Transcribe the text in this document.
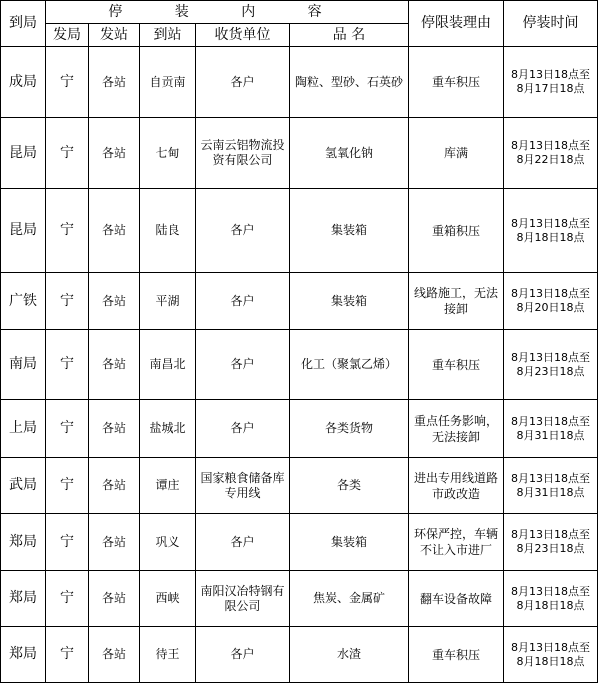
到局	停 装 内 容					停限装理由	停装时间
	发局	发站	到站	收货单位	品 名		
成局	宁	各站	自贡南	各户	陶粒、型砂、石英砂	重车积压	8月13日18点至8月17日18点
昆局	宁	各站	七甸	云南云铝物流投资有限公司	氢氧化钠	库满	8月13日18点至8月22日18点
昆局	宁	各站	陆良	各户	集装箱	重箱积压	8月13日18点至8月18日18点
广铁	宁	各站	平湖	各户	集装箱	线路施工，无法接卸	8月13日18点至8月20日18点
南局	宁	各站	南昌北	各户	化工（聚氯乙烯）	重车积压	8月13日18点至8月23日18点
上局	宁	各站	盐城北	各户	各类货物	重点任务影响，无法接卸	8月13日18点至8月31日18点
武局	宁	各站	谭庄	国家粮食储备库专用线	各类	进出专用线道路市政改造	8月13日18点至8月31日18点
郑局	宁	各站	巩义	各户	集装箱	环保严控，车辆不让入市进厂	8月13日18点至8月23日18点
郑局	宁	各站	西峡	南阳汉冶特钢有限公司	焦炭、金属矿	翻车设备故障	8月13日18点至8月18日18点
郑局	宁	各站	待王	各户	水渣	重车积压	8月13日18点至8月18日18点
